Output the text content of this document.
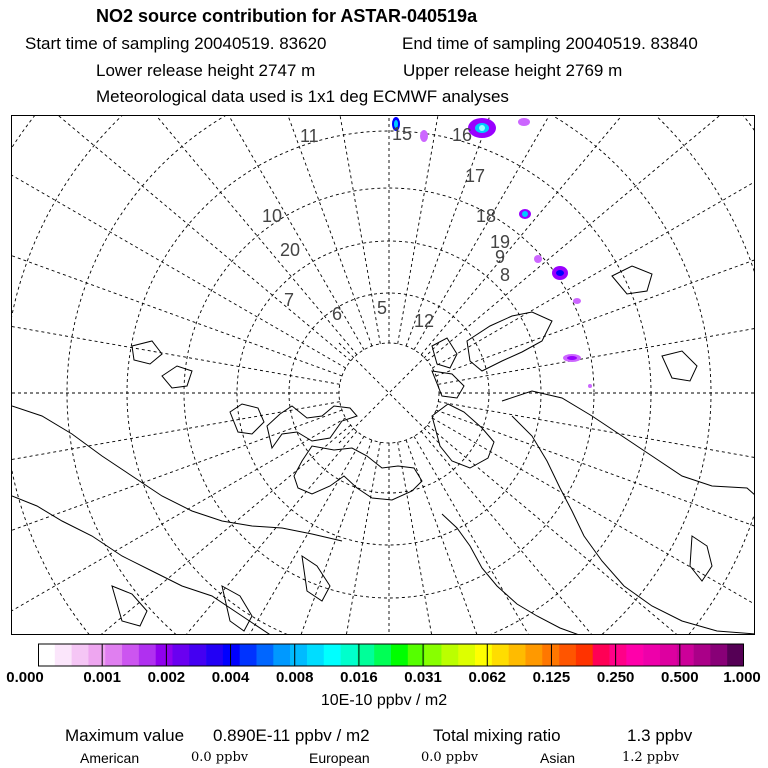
NO2 source contribution for ASTAR-040519a
Start time of sampling 20040519. 83620	End time of sampling 20040519. 83840
Lower release height 2747 m	Upper release height 2769 m
Meteorological data used is 1x1 deg ECMWF analyses
11	15 16
17
10	18
19
9
20
8
7
6 5
12
0.000	0.001 0.002 0.004 0.008 0.016 0.031 0.062 0.125 0.250 0.500 1.000
10E-10 ppbv / m2
Maximum value 0.890E-11 ppbv / m2	Total mixing ratio	1.3 ppbv
American	0.0 ppbv	European	0.0 ppbv	Asian	1.2 ppbv
